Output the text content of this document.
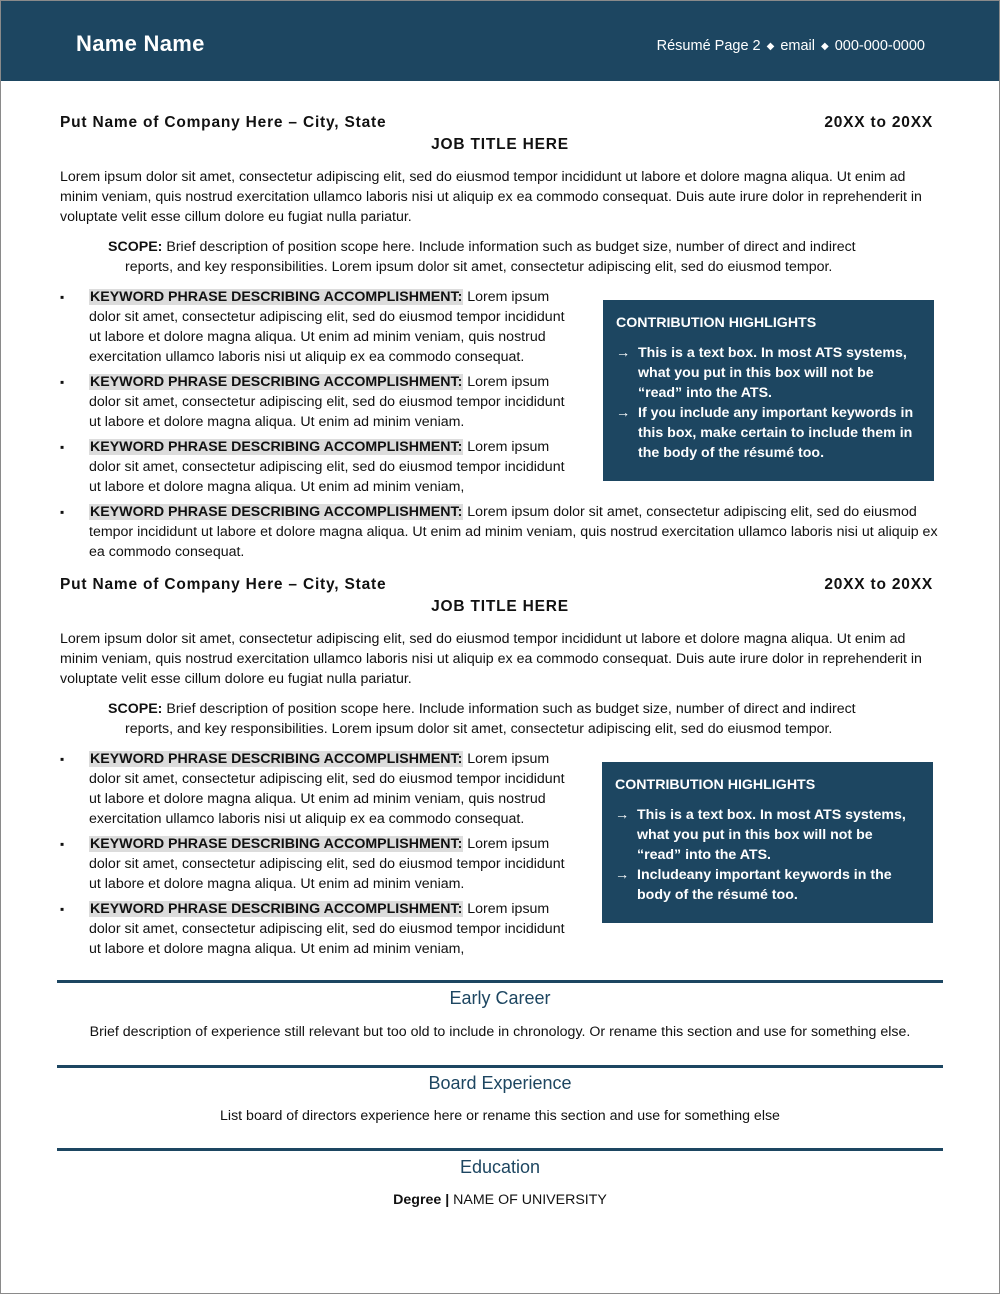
Name Name	Résumé Page 2 ◆ email ◆ 000-000-0000
Put Name of Company Here – City, State	20XX to 20XX
JOB TITLE HERE

Lorem ipsum dolor sit amet, consectetur adipiscing elit, sed do eiusmod tempor incididunt ut labore et dolore magna aliqua. Ut enim ad minim veniam, quis nostrud exercitation ullamco laboris nisi ut aliquip ex ea commodo consequat. Duis aute irure dolor in reprehenderit in voluptate velit esse cillum dolore eu fugiat nulla pariatur.

SCOPE: Brief description of position scope here. Include information such as budget size, number of direct and indirect reports, and key responsibilities. Lorem ipsum dolor sit amet, consectetur adipiscing elit, sed do eiusmod tempor.

▪ KEYWORD PHRASE DESCRIBING ACCOMPLISHMENT: Lorem ipsum dolor sit amet, consectetur adipiscing elit, sed do eiusmod tempor incididunt ut labore et dolore magna aliqua. Ut enim ad minim veniam, quis nostrud exercitation ullamco laboris nisi ut aliquip ex ea commodo consequat.
▪ KEYWORD PHRASE DESCRIBING ACCOMPLISHMENT: Lorem ipsum dolor sit amet, consectetur adipiscing elit, sed do eiusmod tempor incididunt ut labore et dolore magna aliqua. Ut enim ad minim veniam.
▪ KEYWORD PHRASE DESCRIBING ACCOMPLISHMENT: Lorem ipsum dolor sit amet, consectetur adipiscing elit, sed do eiusmod tempor incididunt ut labore et dolore magna aliqua. Ut enim ad minim veniam,
▪ KEYWORD PHRASE DESCRIBING ACCOMPLISHMENT: Lorem ipsum dolor sit amet, consectetur adipiscing elit, sed do eiusmod tempor incididunt ut labore et dolore magna aliqua. Ut enim ad minim veniam, quis nostrud exercitation ullamco laboris nisi ut aliquip ex ea commodo consequat.
CONTRIBUTION HIGHLIGHTS
→ This is a text box. In most ATS systems, what you put in this box will not be “read” into the ATS.
→ If you include any important keywords in this box, make certain to include them in the body of the résumé too.
Put Name of Company Here – City, State	20XX to 20XX
JOB TITLE HERE

Lorem ipsum dolor sit amet, consectetur adipiscing elit, sed do eiusmod tempor incididunt ut labore et dolore magna aliqua. Ut enim ad minim veniam, quis nostrud exercitation ullamco laboris nisi ut aliquip ex ea commodo consequat. Duis aute irure dolor in reprehenderit in voluptate velit esse cillum dolore eu fugiat nulla pariatur.

SCOPE: Brief description of position scope here. Include information such as budget size, number of direct and indirect reports, and key responsibilities. Lorem ipsum dolor sit amet, consectetur adipiscing elit, sed do eiusmod tempor.

▪ KEYWORD PHRASE DESCRIBING ACCOMPLISHMENT: Lorem ipsum dolor sit amet, consectetur adipiscing elit, sed do eiusmod tempor incididunt ut labore et dolore magna aliqua. Ut enim ad minim veniam, quis nostrud exercitation ullamco laboris nisi ut aliquip ex ea commodo consequat.
▪ KEYWORD PHRASE DESCRIBING ACCOMPLISHMENT: Lorem ipsum dolor sit amet, consectetur adipiscing elit, sed do eiusmod tempor incididunt ut labore et dolore magna aliqua. Ut enim ad minim veniam.
▪ KEYWORD PHRASE DESCRIBING ACCOMPLISHMENT: Lorem ipsum dolor sit amet, consectetur adipiscing elit, sed do eiusmod tempor incididunt ut labore et dolore magna aliqua. Ut enim ad minim veniam,
CONTRIBUTION HIGHLIGHTS
→ This is a text box. In most ATS systems, what you put in this box will not be “read” into the ATS.
→ Includeany important keywords in the body of the résumé too.
Early Career
Brief description of experience still relevant but too old to include in chronology. Or rename this section and use for something else.
Board Experience
List board of directors experience here or rename this section and use for something else
Education
Degree | NAME OF UNIVERSITY
